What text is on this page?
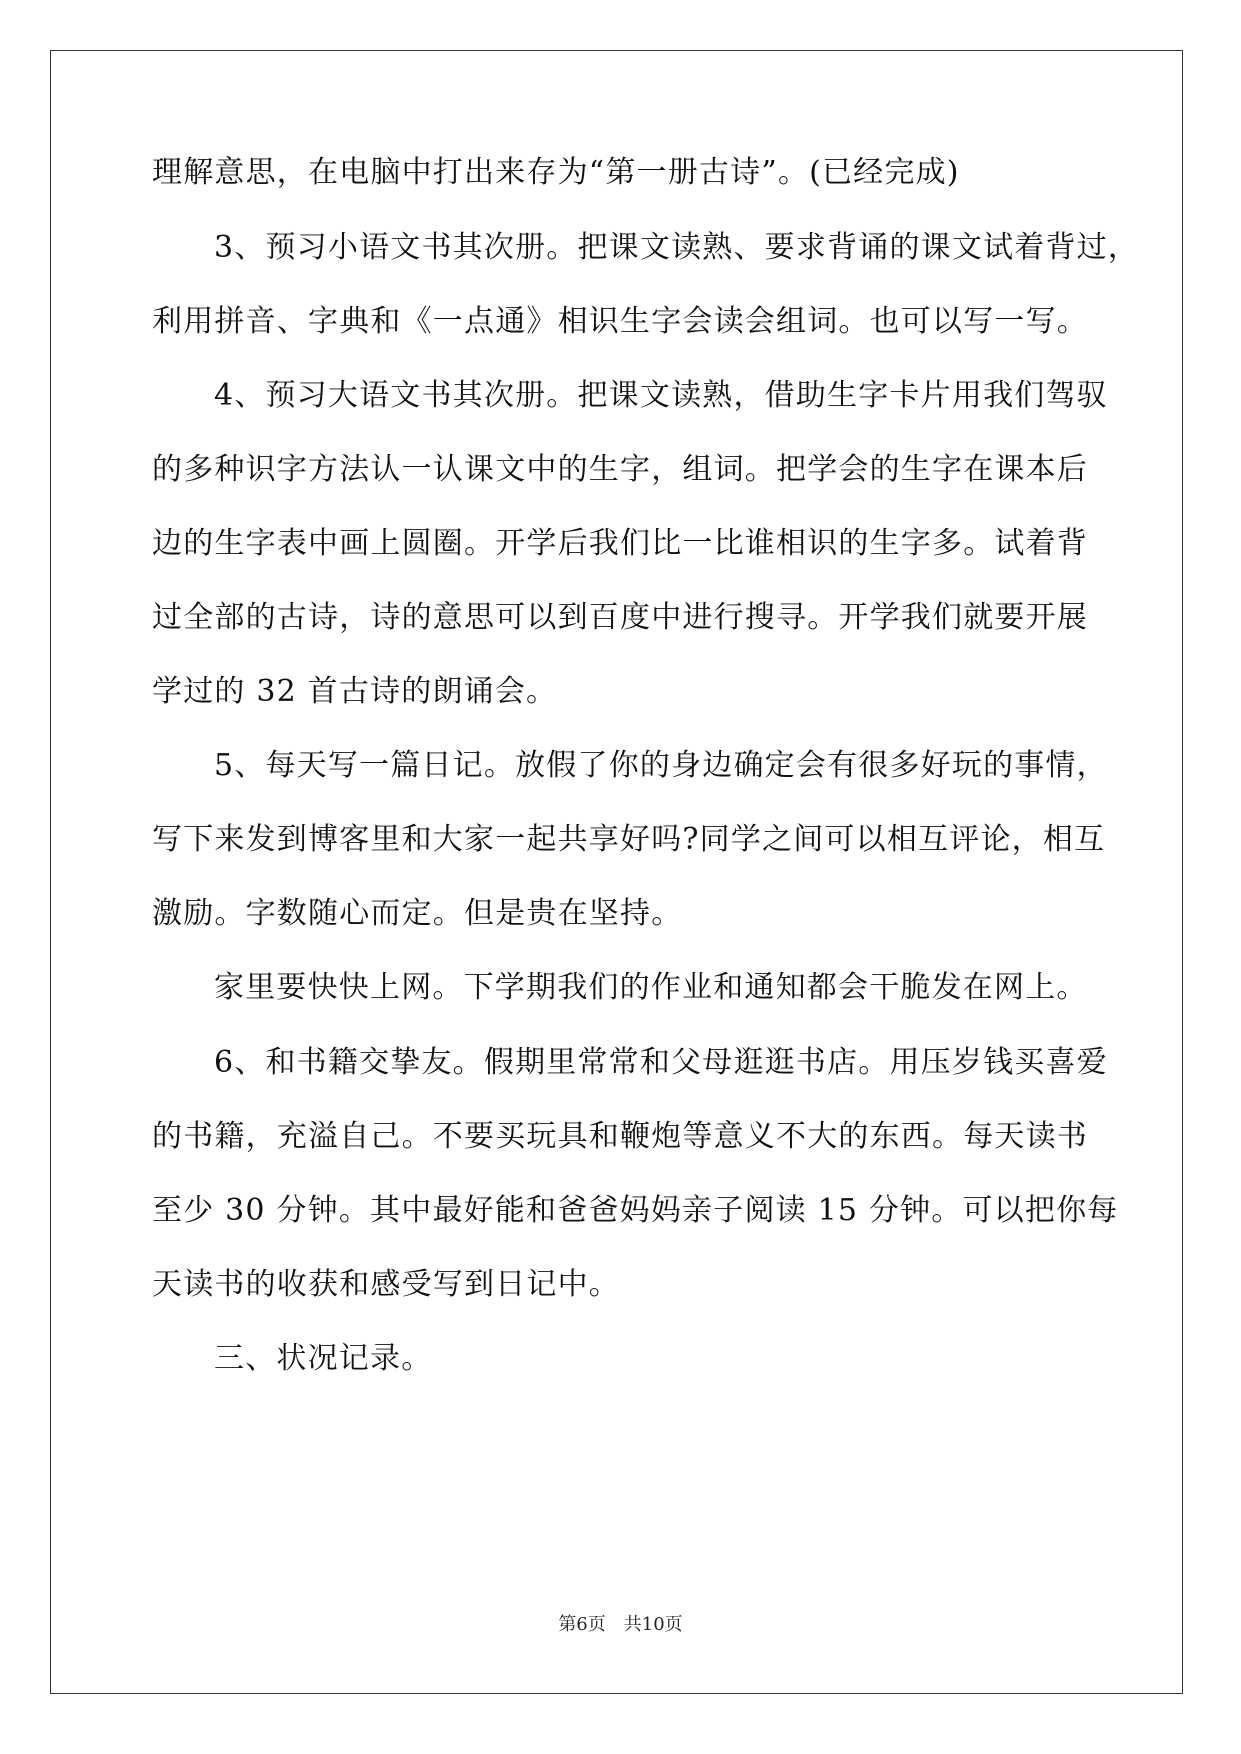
理解意思，在电脑中打出来存为“第一册古诗”。(已经完成)
3、预习小语文书其次册。把课文读熟、要求背诵的课文试着背过，
利用拼音、字典和《一点通》相识生字会读会组词。也可以写一写。
4、预习大语文书其次册。把课文读熟，借助生字卡片用我们驾驭
的多种识字方法认一认课文中的生字，组词。把学会的生字在课本后
边的生字表中画上圆圈。开学后我们比一比谁相识的生字多。试着背
过全部的古诗，诗的意思可以到百度中进行搜寻。开学我们就要开展
学过的 32 首古诗的朗诵会。
5、每天写一篇日记。放假了你的身边确定会有很多好玩的事情，
写下来发到博客里和大家一起共享好吗?同学之间可以相互评论，相互
激励。字数随心而定。但是贵在坚持。
家里要快快上网。下学期我们的作业和通知都会干脆发在网上。
6、和书籍交挚友。假期里常常和父母逛逛书店。用压岁钱买喜爱
的书籍，充溢自己。不要买玩具和鞭炮等意义不大的东西。每天读书
至少 30 分钟。其中最好能和爸爸妈妈亲子阅读 15 分钟。可以把你每
天读书的收获和感受写到日记中。
三、状况记录。
第6页　共10页
